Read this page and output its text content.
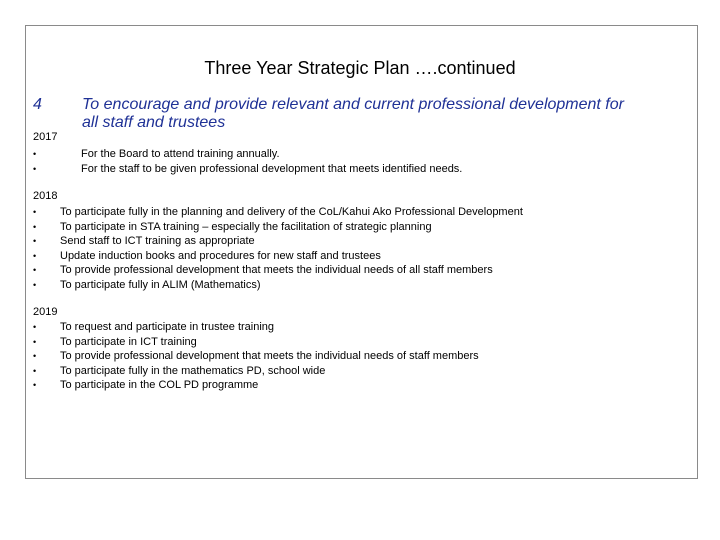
Three Year Strategic Plan ….continued
4	To encourage and provide relevant and current professional development for all staff and trustees
2017
•	For the Board to attend training annually.
•	For the staff to be given professional development that meets identified needs.
2018
• To participate fully in the planning and delivery of the CoL/Kahui Ako Professional Development
• To participate in STA training – especially the facilitation of strategic planning
• Send staff to ICT training as appropriate
• Update induction books and procedures for new staff and trustees
• To provide professional development that meets the individual needs of all staff members
• To participate fully in ALIM (Mathematics)
2019
• To request and participate in trustee training
• To participate in ICT training
• To provide professional development that meets the individual needs of staff members
• To participate fully in the mathematics PD, school wide
• To participate in the COL PD programme
